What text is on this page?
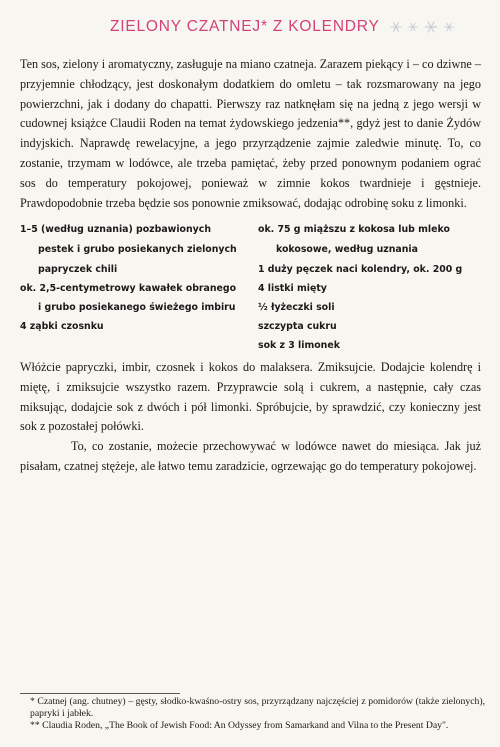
ZIELONY CZATNEJ* Z KOLENDRY

Ten sos, zielony i aromatyczny, zasługuje na miano czatneja. Zarazem piekący i – co dziwne – przyjemnie chłodzący, jest doskonałym dodatkiem do omletu – tak rozsmarowany na jego powierzchni, jak i dodany do chapatti. Pierwszy raz natknęłam się na jedną z jego wersji w cudownej książce Claudii Roden na temat żydowskiego jedzenia**, gdyż jest to danie Żydów indyjskich. Naprawdę rewelacyjne, a jego przyrządzenie zajmie zaledwie minutę. To, co zostanie, trzymam w lodówce, ale trzeba pamiętać, żeby przed ponownym podaniem ograć sos do temperatury pokojowej, ponieważ w zimnie kokos twardnieje i gęstnieje. Prawdopodobnie trzeba będzie sos ponownie zmiksować, dodając odrobinę soku z limonki.

1–5 (według uznania) pozbawionych
pestek i grubo posiekanych zielonych
papryczek chili
ok. 2,5-centymetrowy kawałek obranego
i grubo posiekanego świeżego imbiru
4 ząbki czosnku
ok. 75 g miąższu z kokosa lub mleko
kokosowe, według uznania
1 duży pęczek naci kolendry, ok. 200 g
4 listki mięty
½ łyżeczki soli
szczypta cukru
sok z 3 limonek

Włóżcie papryczki, imbir, czosnek i kokos do malaksera. Zmiksujcie. Dodajcie kolendrę i miętę, i zmiksujcie wszystko razem. Przyprawcie solą i cukrem, a następnie, cały czas miksując, dodajcie sok z dwóch i pół limonki. Spróbujcie, by sprawdzić, czy konieczny jest sok z pozostałej połówki.

To, co zostanie, możecie przechowywać w lodówce nawet do miesiąca. Jak już pisałam, czatnej stężeje, ale łatwo temu zaradzicie, ogrzewając go do temperatury pokojowej.

* Czatnej (ang. chutney) – gęsty, słodko-kwaśno-ostry sos, przyrządzany najczęściej z pomidorów (także zielonych), papryki i jabłek.

** Claudia Roden, „The Book of Jewish Food: An Odyssey from Samarkand and Vilna to the Present Day".
